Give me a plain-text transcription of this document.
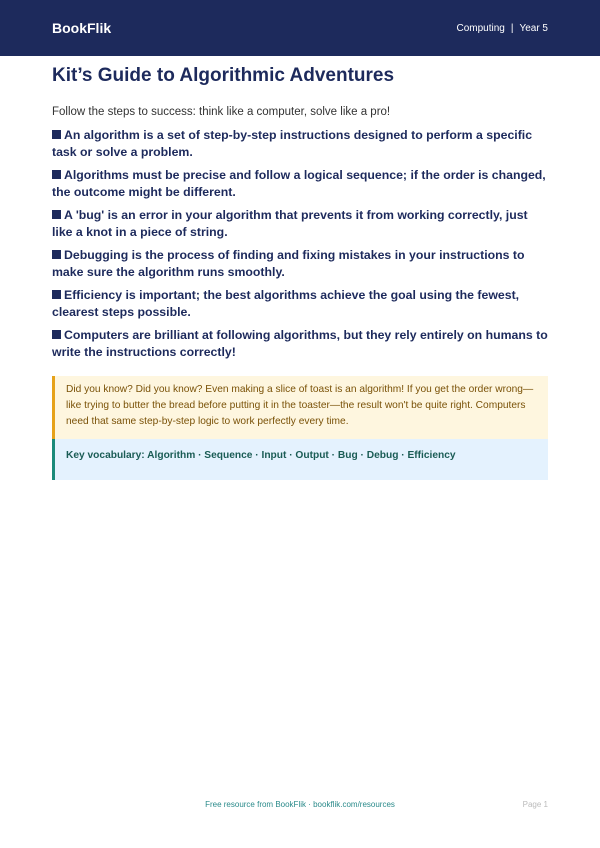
BookFlik	Computing | Year 5
Kit’s Guide to Algorithmic Adventures

Follow the steps to success: think like a computer, solve like a pro!

An algorithm is a set of step-by-step instructions designed to perform a specific task or solve a problem.
Algorithms must be precise and follow a logical sequence; if the order is changed, the outcome might be different.
A 'bug' is an error in your algorithm that prevents it from working correctly, just like a knot in a piece of string.
Debugging is the process of finding and fixing mistakes in your instructions to make sure the algorithm runs smoothly.
Efficiency is important; the best algorithms achieve the goal using the fewest, clearest steps possible.
Computers are brilliant at following algorithms, but they rely entirely on humans to write the instructions correctly!
Did you know? Did you know? Even making a slice of toast is an algorithm! If you get the order wrong—like trying to butter the bread before putting it in the toaster—the result won't be quite right. Computers need that same step-by-step logic to work perfectly every time.
Key vocabulary: Algorithm · Sequence · Input · Output · Bug · Debug · Efficiency
Free resource from BookFlik · bookflik.com/resources	Page 1
